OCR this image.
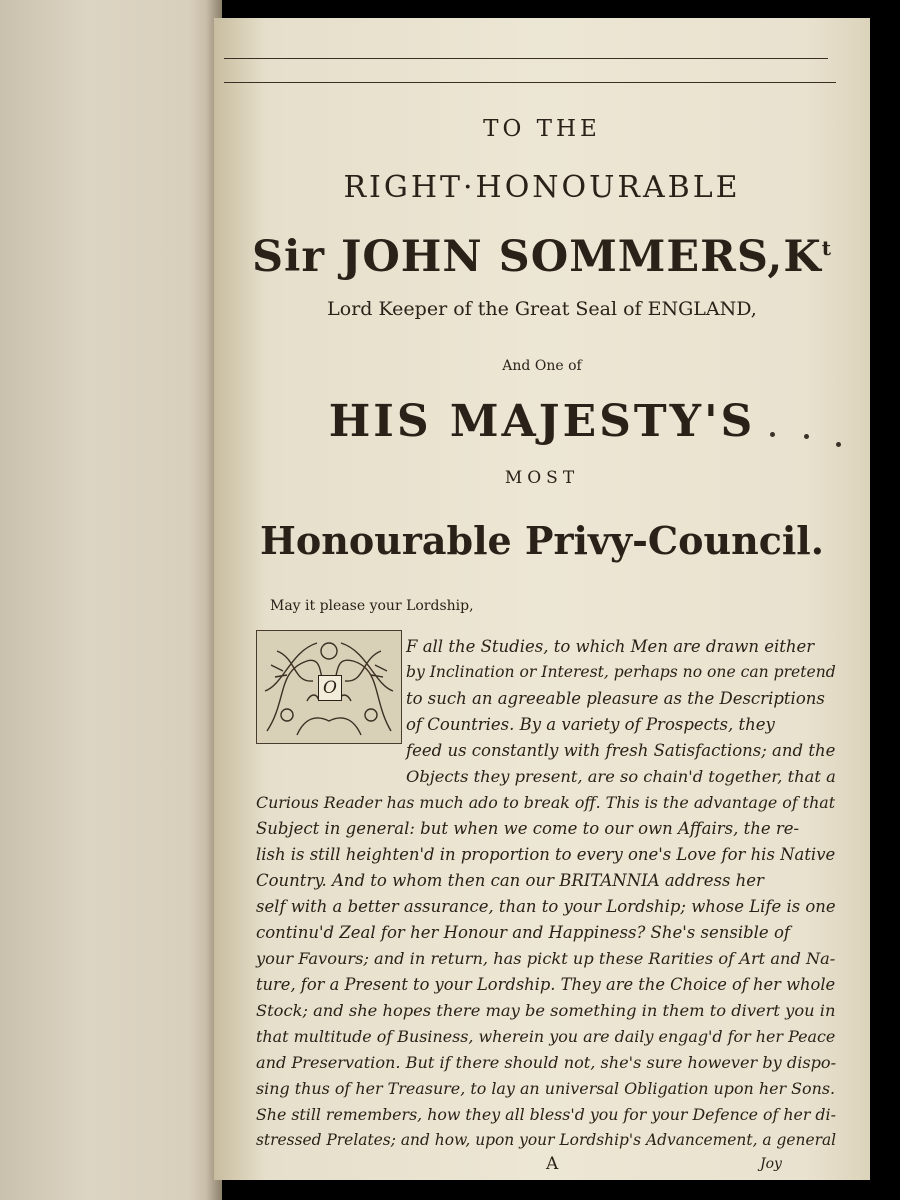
TO THE
RIGHT·HONOURABLE
Sir JOHN $SOMMERS,K^t$
Lord Keeper of the Great Seal of ENGLAND,
And One of
HIS MAJESTY'S
MOST
Honourable Privy-Council.
May it please your Lordship,
O
F all the Studies, to which Men are drawn either
by Inclination or Interest, perhaps no one can pretend
to such an agreeable pleasure as the Descriptions
of Countries. By a variety of Prospects, they
feed us constantly with fresh Satisfactions; and the
Objects they present, are so chain'd together, that a
Curious Reader has much ado to break off. This is the advantage of that
Subject in general: but when we come to our own Affairs, the re-
lish is still heighten'd in proportion to every one's Love for his Native
Country. And to whom then can our BRITANNIA address her
self with a better assurance, than to your Lordship; whose Life is one
continu'd Zeal for her Honour and Happiness? She's sensible of
your Favours; and in return, has pickt up these Rarities of Art and Na-
ture, for a Present to your Lordship. They are the Choice of her whole
Stock; and she hopes there may be something in them to divert you in
that multitude of Business, wherein you are daily engag'd for her Peace
and Preservation. But if there should not, she's sure however by dispo-
sing thus of her Treasure, to lay an universal Obligation upon her Sons.
She still remembers, how they all bless'd you for your Defence of her di-
stressed Prelates; and how, upon your Lordship's Advancement, a general
A	Joy
